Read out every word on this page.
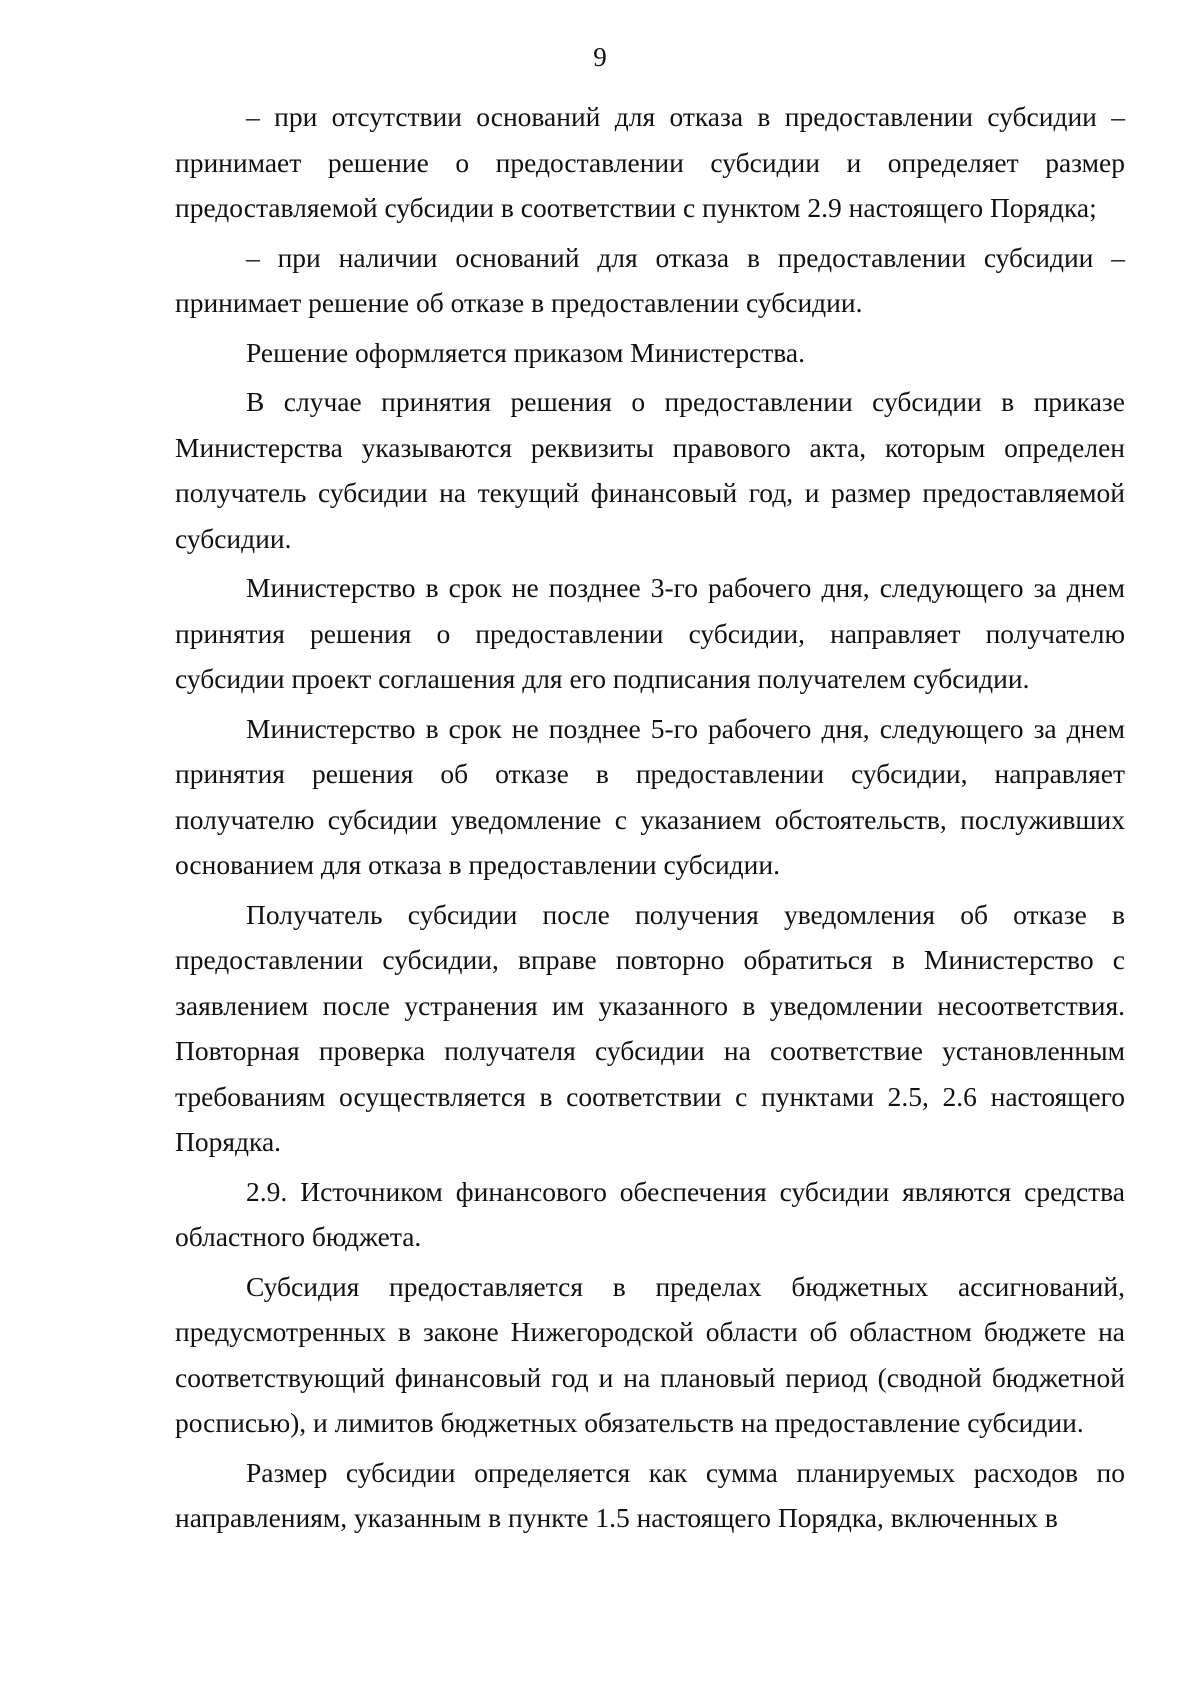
9

– при отсутствии оснований для отказа в предоставлении субсидии – принимает решение о предоставлении субсидии и определяет размер предоставляемой субсидии в соответствии с пунктом 2.9 настоящего Порядка;

– при наличии оснований для отказа в предоставлении субсидии – принимает решение об отказе в предоставлении субсидии.

Решение оформляется приказом Министерства.

В случае принятия решения о предоставлении субсидии в приказе Министерства указываются реквизиты правового акта, которым определен получатель субсидии на текущий финансовый год, и размер предоставляемой субсидии.

Министерство в срок не позднее 3-го рабочего дня, следующего за днем принятия решения о предоставлении субсидии, направляет получателю субсидии проект соглашения для его подписания получателем субсидии.

Министерство в срок не позднее 5-го рабочего дня, следующего за днем принятия решения об отказе в предоставлении субсидии, направляет получателю субсидии уведомление с указанием обстоятельств, послуживших основанием для отказа в предоставлении субсидии.

Получатель субсидии после получения уведомления об отказе в предоставлении субсидии, вправе повторно обратиться в Министерство с заявлением после устранения им указанного в уведомлении несоответствия. Повторная проверка получателя субсидии на соответствие установленным требованиям осуществляется в соответствии с пунктами 2.5, 2.6 настоящего Порядка.

2.9. Источником финансового обеспечения субсидии являются средства областного бюджета.

Субсидия предоставляется в пределах бюджетных ассигнований, предусмотренных в законе Нижегородской области об областном бюджете на соответствующий финансовый год и на плановый период (сводной бюджетной росписью), и лимитов бюджетных обязательств на предоставление субсидии.

Размер субсидии определяется как сумма планируемых расходов по направлениям, указанным в пункте 1.5 настоящего Порядка, включенных в
